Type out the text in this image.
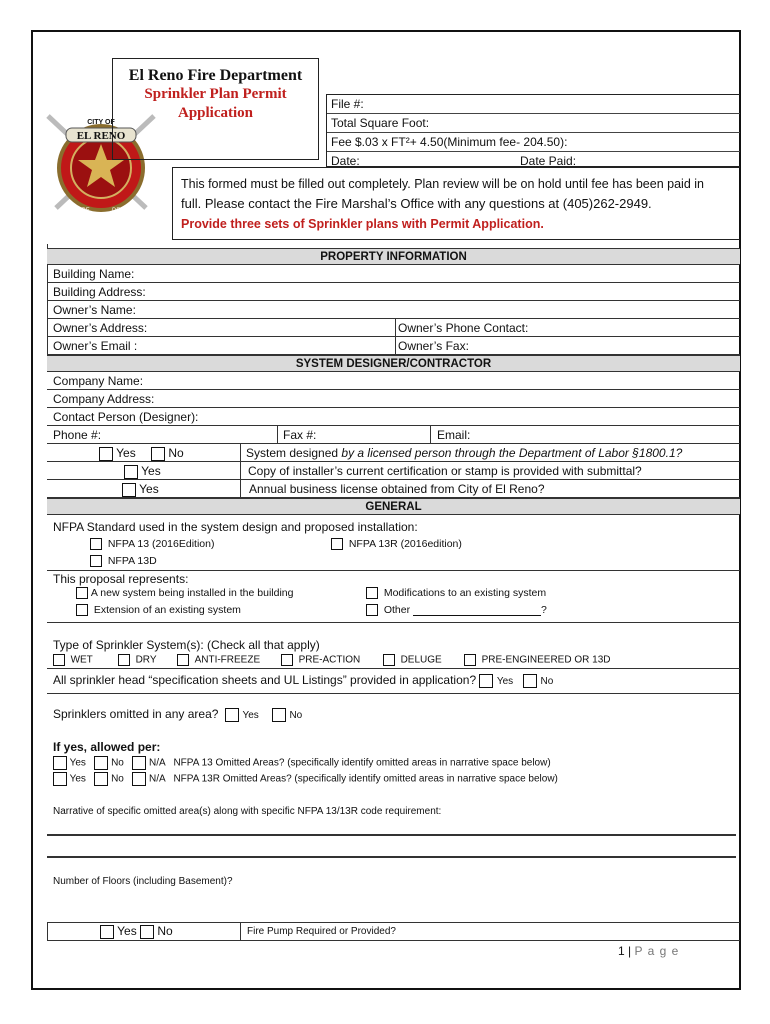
EL RENO
CITY OF
FIRE	DEPT.
El Reno Fire Department
Sprinkler Plan Permit
Application
File #:
Total Square Foot:
Fee $.03 x FT²+ 4.50(Minimum fee- 204.50):
Date:	Date Paid:
This formed must be filled out completely. Plan review will be on hold until fee has been paid in
full. Please contact the Fire Marshal’s Office with any questions at (405)262-2949.
Provide three sets of Sprinkler plans with Permit Application.
PROPERTY INFORMATION
Building Name:
Building Address:
Owner’s Name:
Owner’s Address:	Owner’s Phone Contact:
Owner’s Email :	Owner’s Fax:
SYSTEM DESIGNER/CONTRACTOR
Company Name:
Company Address:
Contact Person (Designer):
Phone #:	Fax #:	Email:
Yes	No	System designed by a licensed person through the Department of Labor §1800.1?
Yes	Copy of installer’s current certification or stamp is provided with submittal?
Yes	Annual business license obtained from City of El Reno?
GENERAL
NFPA Standard used in the system design and proposed installation:
NFPA 13 (2016Edition)	NFPA 13R (2016edition)
NFPA 13D
This proposal represents:
A new system being installed in the building	Modifications to an existing system
Extension of an existing system	Other	?
Type of Sprinkler System(s): (Check all that apply)
WET	DRY	ANTI-FREEZE	PRE-ACTION	DELUGE	PRE-ENGINEERED OR 13D
All sprinkler head “specification sheets and UL Listings” provided in application? Yes	No
Sprinklers omitted in any area? Yes	No
If yes, allowed per:
Yes	No	N/A NFPA 13 Omitted Areas? (specifically identify omitted areas in narrative space below)
Yes	No	N/A NFPA 13R Omitted Areas? (specifically identify omitted areas in narrative space below)
Narrative of specific omitted area(s) along with specific NFPA 13/13R code requirement:
Number of Floors (including Basement)?
Yes No	Fire Pump Required or Provided?
1 | P a g e
